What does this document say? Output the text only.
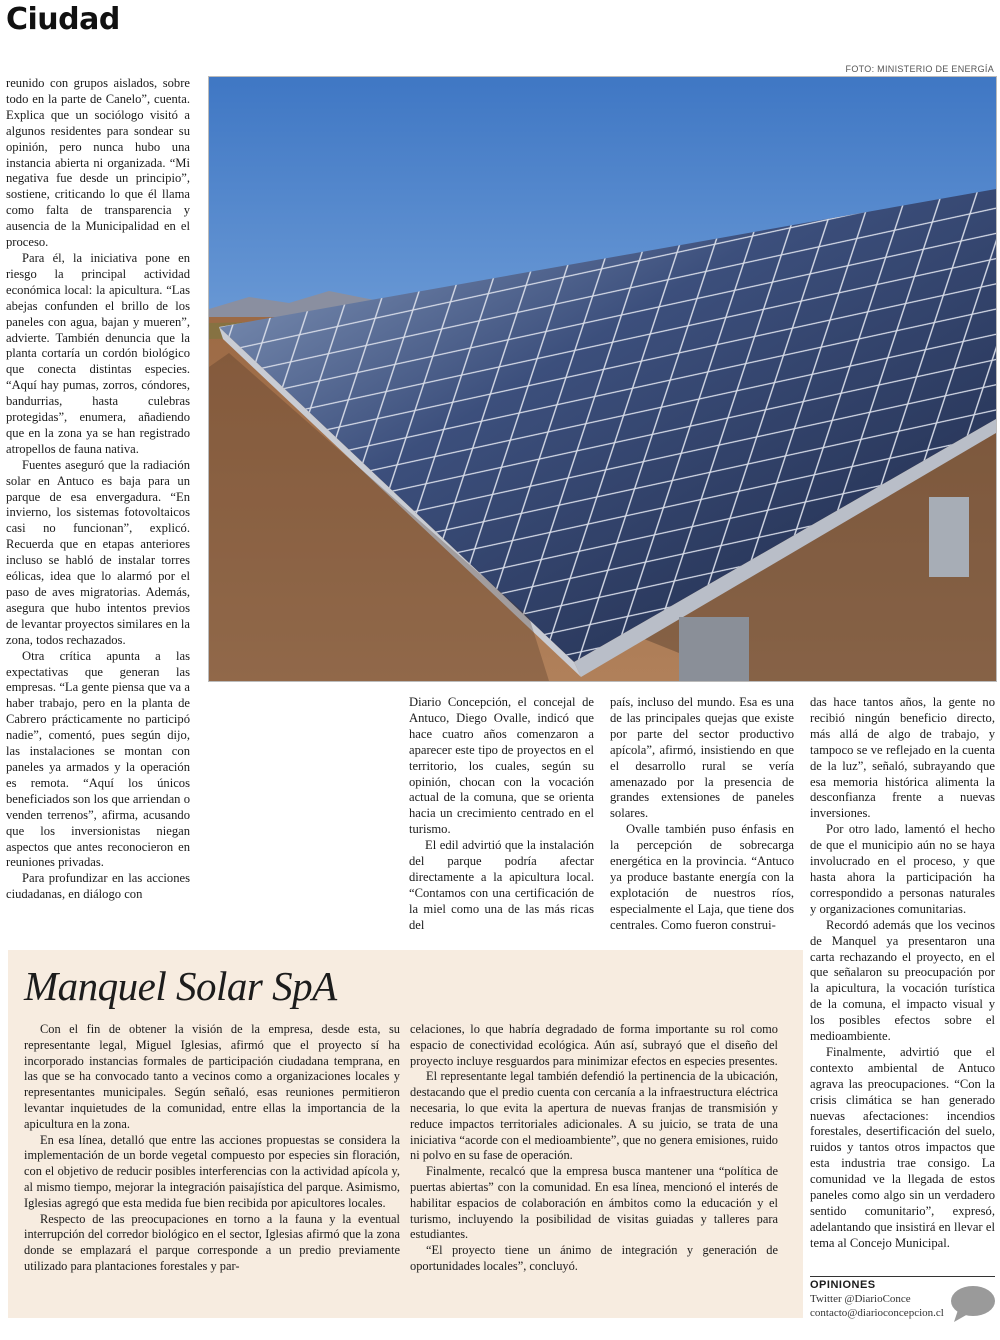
Ciudad
FOTO: MINISTERIO DE ENERGÍA

reunido con grupos aislados, sobre todo en la parte de Canelo”, cuenta. Explica que un sociólogo visitó a algunos residentes para sondear su opinión, pero nunca hubo una instancia abierta ni organizada. “Mi negativa fue desde un principio”, sostiene, criticando lo que él llama como falta de transparencia y ausencia de la Municipalidad en el proceso.

Para él, la iniciativa pone en riesgo la principal actividad económica local: la apicultura. “Las abejas confunden el brillo de los paneles con agua, bajan y mueren”, advierte. También denuncia que la planta cortaría un cordón biológico que conecta distintas especies. “Aquí hay pumas, zorros, cóndores, bandurrias, hasta culebras protegidas”, enumera, añadiendo que en la zona ya se han registrado atropellos de fauna nativa.

Fuentes aseguró que la radiación solar en Antuco es baja para un parque de esa envergadura. “En invierno, los sistemas fotovoltaicos casi no funcionan”, explicó. Recuerda que en etapas anteriores incluso se habló de instalar torres eólicas, idea que lo alarmó por el paso de aves migratorias. Además, asegura que hubo intentos previos de levantar proyectos similares en la zona, todos rechazados.

Otra crítica apunta a las expectativas que generan las empresas. “La gente piensa que va a haber trabajo, pero en la planta de Cabrero prácticamente no participó nadie”, comentó, pues según dijo, las instalaciones se montan con paneles ya armados y la operación es remota. “Aquí los únicos beneficiados son los que arriendan o venden terrenos”, afirma, acusando que los inversionistas niegan aspectos que antes reconocieron en reuniones privadas.

Para profundizar en las acciones ciudadanas, en diálogo con

Diario Concepción, el concejal de Antuco, Diego Ovalle, indicó que hace cuatro años comenzaron a aparecer este tipo de proyectos en el territorio, los cuales, según su opinión, chocan con la vocación actual de la comuna, que se orienta hacia un crecimiento centrado en el turismo.

El edil advirtió que la instalación del parque podría afectar directamente a la apicultura local. “Contamos con una certificación de la miel como una de las más ricas del

país, incluso del mundo. Esa es una de las principales quejas que existe por parte del sector productivo apícola”, afirmó, insistiendo en que el desarrollo rural se vería amenazado por la presencia de grandes extensiones de paneles solares.

Ovalle también puso énfasis en la percepción de sobrecarga energética en la provincia. “Antuco ya produce bastante energía con la explotación de nuestros ríos, especialmente el Laja, que tiene dos centrales. Como fueron construi-

das hace tantos años, la gente no recibió ningún beneficio directo, más allá de algo de trabajo, y tampoco se ve reflejado en la cuenta de la luz”, señaló, subrayando que esa memoria histórica alimenta la desconfianza frente a nuevas inversiones.

Por otro lado, lamentó el hecho de que el municipio aún no se haya involucrado en el proceso, y que hasta ahora la participación ha correspondido a personas naturales y organizaciones comunitarias.

Recordó además que los vecinos de Manquel ya presentaron una carta rechazando el proyecto, en el que señalaron su preocupación por la apicultura, la vocación turística de la comuna, el impacto visual y los posibles efectos sobre el medioambiente.

Finalmente, advirtió que el contexto ambiental de Antuco agrava las preocupaciones. “Con la crisis climática se han generado nuevas afectaciones: incendios forestales, desertificación del suelo, ruidos y tantos otros impactos que esta industria trae consigo. La comunidad ve la llegada de estos paneles como algo sin un verdadero sentido comunitario”, expresó, adelantando que insistirá en llevar el tema al Concejo Municipal.

Manquel Solar SpA

Con el fin de obtener la visión de la empresa, desde esta, su representante legal, Miguel Iglesias, afirmó que el proyecto sí ha incorporado instancias formales de participación ciudadana temprana, en las que se ha convocado tanto a vecinos como a organizaciones locales y representantes municipales. Según señaló, esas reuniones permitieron levantar inquietudes de la comunidad, entre ellas la importancia de la apicultura en la zona.

En esa línea, detalló que entre las acciones propuestas se considera la implementación de un borde vegetal compuesto por especies sin floración, con el objetivo de reducir posibles interferencias con la actividad apícola y, al mismo tiempo, mejorar la integración paisajística del parque. Asimismo, Iglesias agregó que esta medida fue bien recibida por apicultores locales.

Respecto de las preocupaciones en torno a la fauna y la eventual interrupción del corredor biológico en el sector, Iglesias afirmó que la zona donde se emplazará el parque corresponde a un predio previamente utilizado para plantaciones forestales y par-

celaciones, lo que habría degradado de forma importante su rol como espacio de conectividad ecológica. Aún así, subrayó que el diseño del proyecto incluye resguardos para minimizar efectos en especies presentes.

El representante legal también defendió la pertinencia de la ubicación, destacando que el predio cuenta con cercanía a la infraestructura eléctrica necesaria, lo que evita la apertura de nuevas franjas de transmisión y reduce impactos territoriales adicionales. A su juicio, se trata de una iniciativa “acorde con el medioambiente”, que no genera emisiones, ruido ni polvo en su fase de operación.

Finalmente, recalcó que la empresa busca mantener una “política de puertas abiertas” con la comunidad. En esa línea, mencionó el interés de habilitar espacios de colaboración en ámbitos como la educación y el turismo, incluyendo la posibilidad de visitas guiadas y talleres para estudiantes.

“El proyecto tiene un ánimo de integración y generación de oportunidades locales”, concluyó.

OPINIONES
Twitter @DiarioConce
contacto@diarioconcepcion.cl
